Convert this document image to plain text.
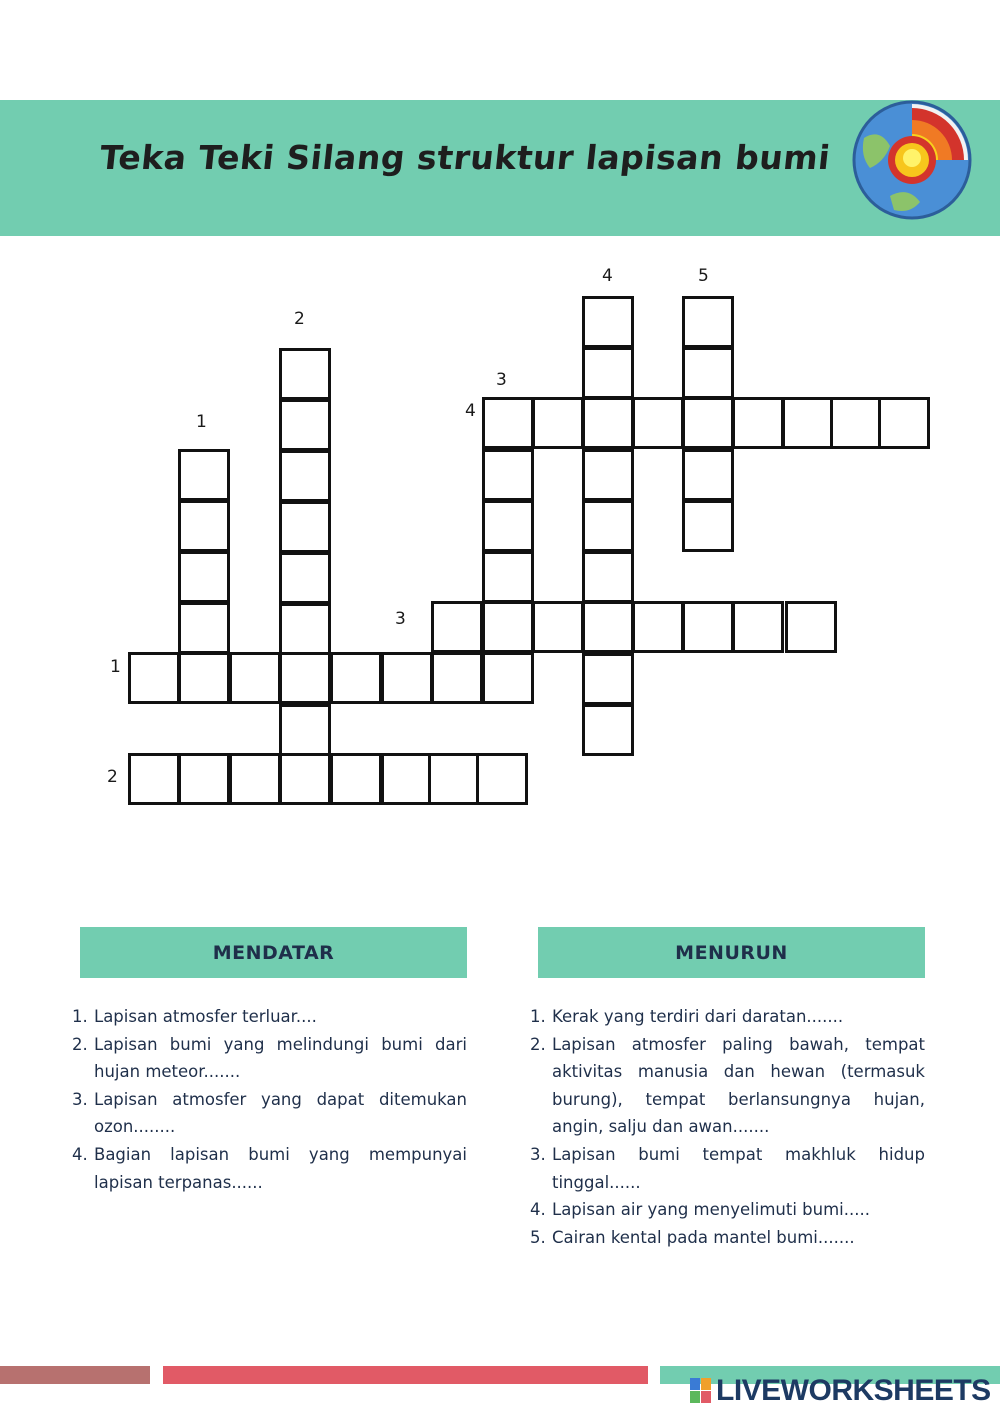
Teka Teki Silang struktur lapisan bumi
1
2
3
4	5
4
3
1
2
MENDATAR	MENURUN
1. Lapisan atmosfer terluar....
2. Lapisan bumi yang melindungi bumi dari hujan meteor.......
3. Lapisan atmosfer yang dapat ditemukan ozon........
4. Bagian lapisan bumi yang mempunyai lapisan terpanas......
1. Kerak yang terdiri dari daratan.......
2. Lapisan atmosfer paling bawah, tempat aktivitas manusia dan hewan (termasuk burung), tempat berlansungnya hujan, angin, salju dan awan.......
3. Lapisan bumi tempat makhluk hidup tinggal......
4. Lapisan air yang menyelimuti bumi.....
5. Cairan kental pada mantel bumi.......
LIVEWORKSHEETS
